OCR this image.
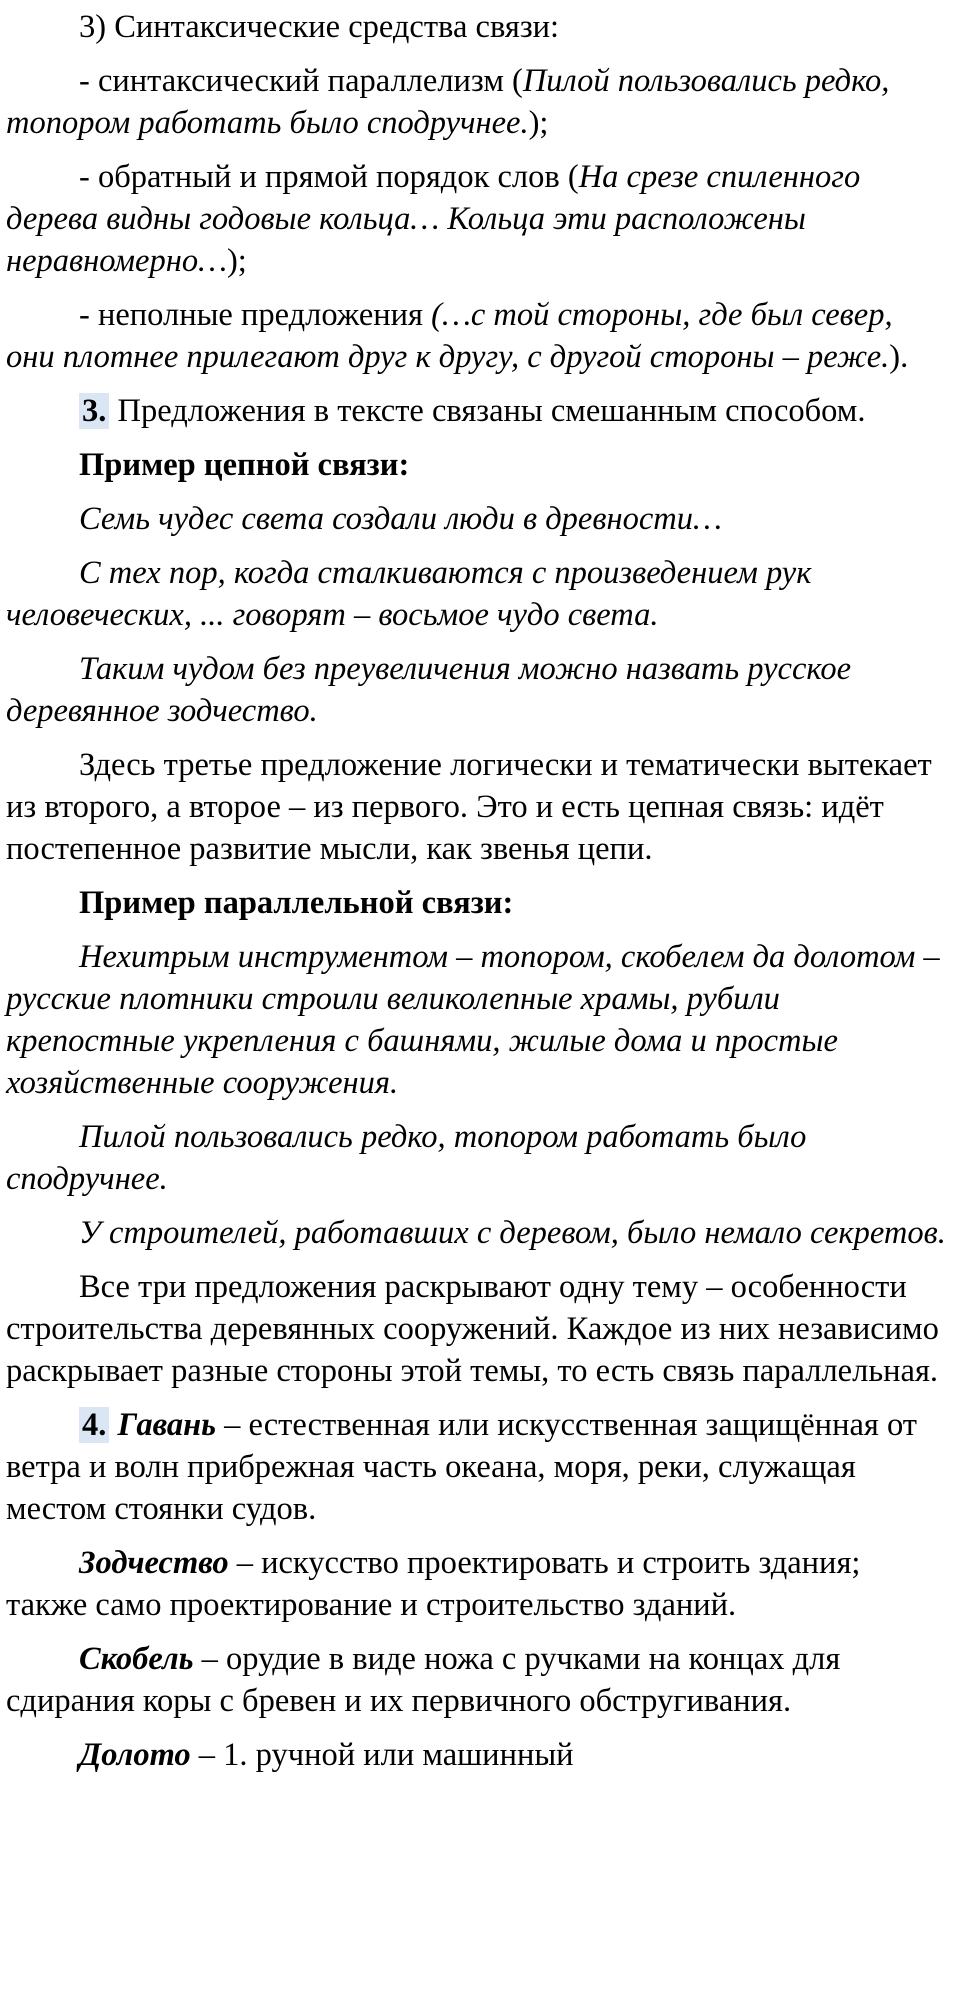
3) Синтаксические средства связи:

- синтаксический параллелизм (Пилой пользовались редко, топором работать было сподручнее.);

- обратный и прямой порядок слов (На срезе спиленного дерева видны годовые кольца… Кольца эти расположены неравномерно…);

- неполные предложения (…с той стороны, где был север, они плотнее прилегают друг к другу, с другой стороны – реже.).

3. Предложения в тексте связаны смешанным способом.

Пример цепной связи:

Семь чудес света создали люди в древности…

С тех пор, когда сталкиваются с произведением рук человеческих, ... говорят – восьмое чудо света.

Таким чудом без преувеличения можно назвать русское деревянное зодчество.

Здесь третье предложение логически и тематически вытекает из второго, а второе – из первого. Это и есть цепная связь: идёт постепенное развитие мысли, как звенья цепи.

Пример параллельной связи:

Нехитрым инструментом – топором, скобелем да долотом – русские плотники строили великолепные храмы, рубили крепостные укрепления с башнями, жилые дома и простые хозяйственные сооружения.

Пилой пользовались редко, топором работать было сподручнее.

У строителей, работавших с деревом, было немало секретов.

Все три предложения раскрывают одну тему – особенности строительства деревянных сооружений. Каждое из них независимо раскрывает разные стороны этой темы, то есть связь параллельная.

4. Гавань – естественная или искусственная защищённая от ветра и волн прибрежная часть океана, моря, реки, служащая местом стоянки судов.

Зодчество – искусство проектировать и строить здания; также само проектирование и строительство зданий.

Скобель – орудие в виде ножа с ручками на концах для сдирания коры с бревен и их первичного обстругивания.

Долото – 1. ручной или машинный
